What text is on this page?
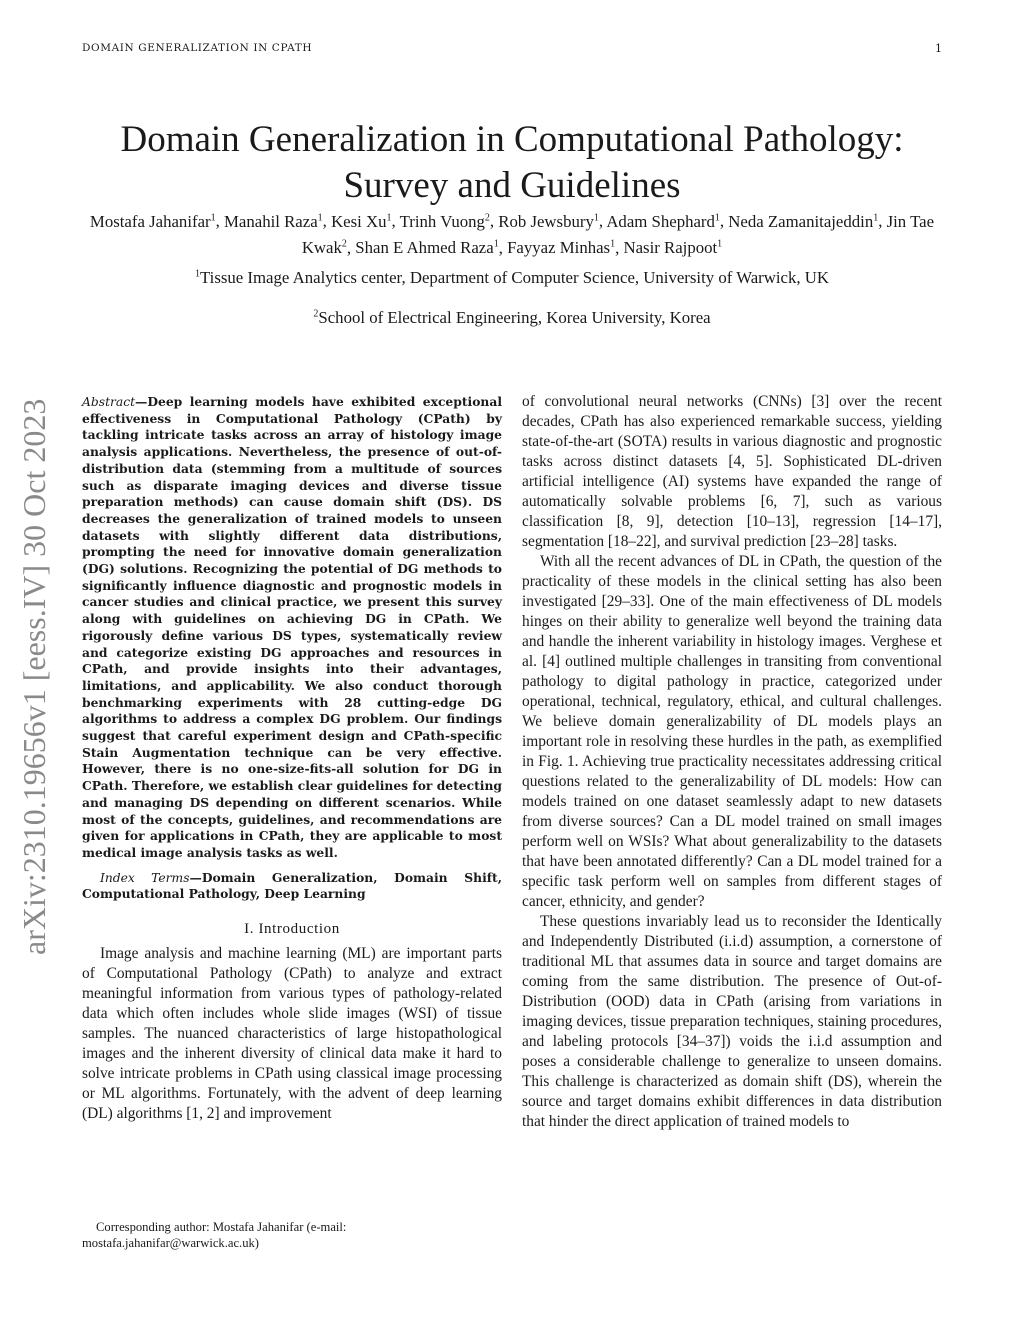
DOMAIN GENERALIZATION IN CPATH	1
Domain Generalization in Computational Pathology:
Survey and Guidelines
Mostafa Jahanifar$^1$, Manahil Raza$^1$, Kesi Xu$^1$, Trinh Vuong$^2$, Rob Jewsbury$^1$, Adam Shephard$^1$, Neda Zamanitajeddin$^1$, Jin Tae Kwak$^2$, Shan E Ahmed Raza$^1$, Fayyaz Minhas$^1$, Nasir Rajpoot$^1$
$^1$Tissue Image Analytics center, Department of Computer Science, University of Warwick, UK
$^2$School of Electrical Engineering, Korea University, Korea
arXiv:2310.19656v1 [eess.IV] 30 Oct 2023 Abstract—Deep learning models have exhibited exceptional effectiveness in Computational Pathology (CPath) by tackling intricate tasks across an array of histology image analysis applications. Nevertheless, the presence of out-of-distribution data (stemming from a multitude of sources such as disparate imaging devices and diverse tissue preparation methods) can cause domain shift (DS). DS decreases the generalization of trained models to unseen datasets with slightly different data distributions, prompting the need for innovative domain generalization (DG) solutions. Recognizing the potential of DG methods to significantly influence diagnostic and prognostic models in cancer studies and clinical practice, we present this survey along with guidelines on achieving DG in CPath. We rigorously define various DS types, systematically review and categorize existing DG approaches and resources in CPath, and provide insights into their advantages, limitations, and applicability. We also conduct thorough benchmarking experiments with 28 cutting-edge DG algorithms to address a complex DG problem. Our findings suggest that careful experiment design and CPath-specific Stain Augmentation technique can be very effective. However, there is no one-size-fits-all solution for DG in CPath. Therefore, we establish clear guidelines for detecting and managing DS depending on different scenarios. While most of the concepts, guidelines, and recommendations are given for applications in CPath, they are applicable to most medical image analysis tasks as well.

Index Terms—Domain Generalization, Domain Shift, Computational Pathology, Deep Learning

I. Introduction

Image analysis and machine learning (ML) are important parts of Computational Pathology (CPath) to analyze and extract meaningful information from various types of pathology-related data which often includes whole slide images (WSI) of tissue samples. The nuanced characteristics of large histopathological images and the inherent diversity of clinical data make it hard to solve intricate problems in CPath using classical image processing or ML algorithms. Fortunately, with the advent of deep learning (DL) algorithms [1, 2] and improvement

Corresponding author: Mostafa Jahanifar (e-mail:
mostafa.jahanifar@warwick.ac.uk)

of convolutional neural networks (CNNs) [3] over the recent decades, CPath has also experienced remarkable success, yielding state-of-the-art (SOTA) results in various diagnostic and prognostic tasks across distinct datasets [4, 5]. Sophisticated DL-driven artificial intelligence (AI) systems have expanded the range of automatically solvable problems [6, 7], such as various classification [8, 9], detection [10–13], regression [14–17], segmentation [18–22], and survival prediction [23–28] tasks.

With all the recent advances of DL in CPath, the question of the practicality of these models in the clinical setting has also been investigated [29–33]. One of the main effectiveness of DL models hinges on their ability to generalize well beyond the training data and handle the inherent variability in histology images. Verghese et al. [4] outlined multiple challenges in transiting from conventional pathology to digital pathology in practice, categorized under operational, technical, regulatory, ethical, and cultural challenges. We believe domain generalizability of DL models plays an important role in resolving these hurdles in the path, as exemplified in Fig. 1. Achieving true practicality necessitates addressing critical questions related to the generalizability of DL models: How can models trained on one dataset seamlessly adapt to new datasets from diverse sources? Can a DL model trained on small images perform well on WSIs? What about generalizability to the datasets that have been annotated differently? Can a DL model trained for a specific task perform well on samples from different stages of cancer, ethnicity, and gender?

These questions invariably lead us to reconsider the Identically and Independently Distributed (i.i.d) assumption, a cornerstone of traditional ML that assumes data in source and target domains are coming from the same distribution. The presence of Out-of-Distribution (OOD) data in CPath (arising from variations in imaging devices, tissue preparation techniques, staining procedures, and labeling protocols [34–37]) voids the i.i.d assumption and poses a considerable challenge to generalize to unseen domains. This challenge is characterized as domain shift (DS), wherein the source and target domains exhibit differences in data distribution that hinder the direct application of trained models to
